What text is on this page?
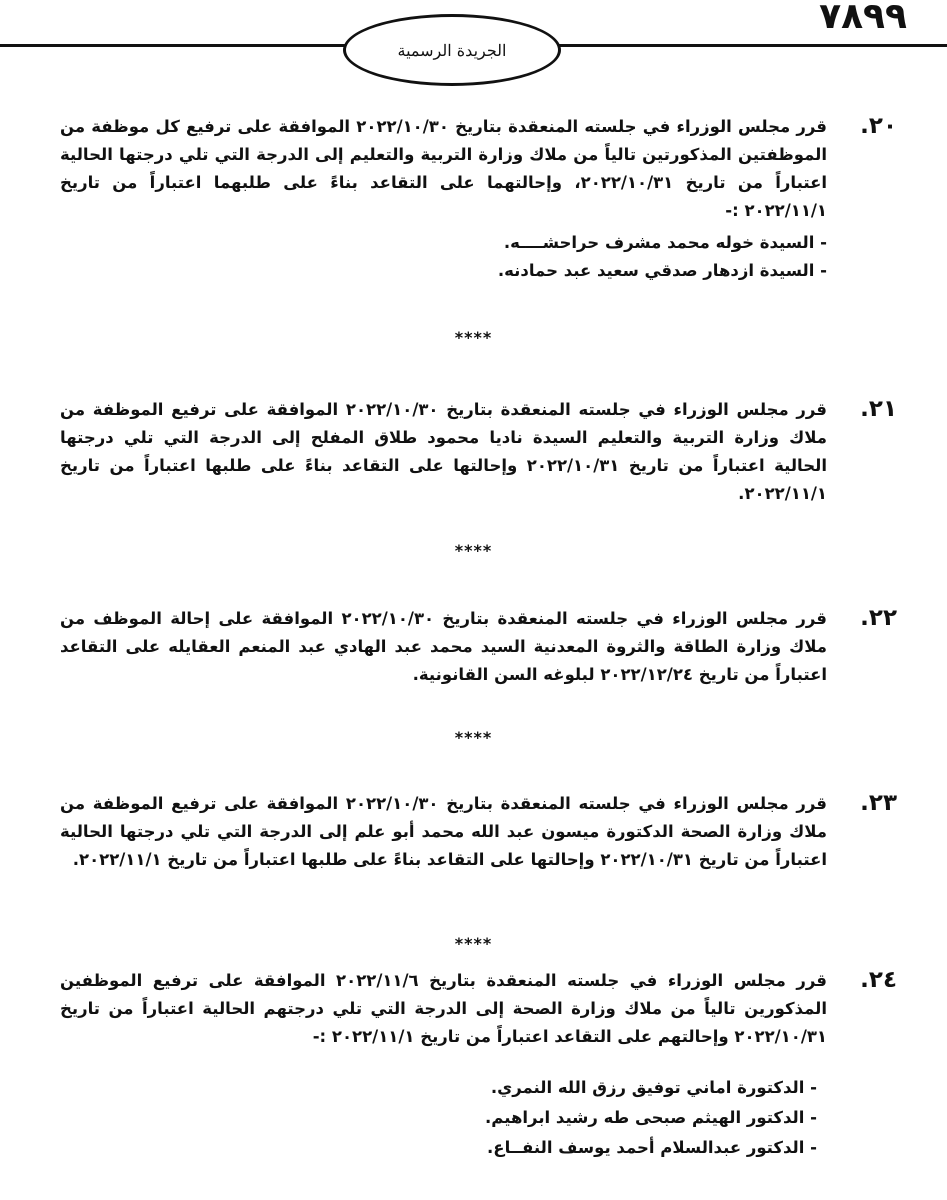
الجريدة الرسمية
٧٨٩٩
٢٠.

قرر مجلس الوزراء في جلسته المنعقدة بتاريخ ٢٠٢٢/١٠/٣٠ الموافقة على ترفيع كل موظفة من الموظفتين المذكورتين تالياً من ملاك وزارة التربية والتعليم إلى الدرجة التي تلي درجتها الحالية اعتباراً من تاريخ ٢٠٢٢/١٠/٣١، وإحالتهما على التقاعد بناءً على طلبهما اعتباراً من تاريخ ٢٠٢٢/١١/١ :-

- السيدة خوله محمد مشرف حراحشــــه.
- السيدة ازدهار صدقي سعيد عبد حمادنه.
****
٢١.

قرر مجلس الوزراء في جلسته المنعقدة بتاريخ ٢٠٢٢/١٠/٣٠ الموافقة على ترفيع الموظفة من ملاك وزارة التربية والتعليم السيدة ناديا محمود طلاق المفلح إلى الدرجة التي تلي درجتها الحالية اعتباراً من تاريخ ٢٠٢٢/١٠/٣١ وإحالتها على التقاعد بناءً على طلبها اعتباراً من تاريخ ٢٠٢٢/١١/١.

****
٢٢.

قرر مجلس الوزراء في جلسته المنعقدة بتاريخ ٢٠٢٢/١٠/٣٠ الموافقة على إحالة الموظف من ملاك وزارة الطاقة والثروة المعدنية السيد محمد عبد الهادي عبد المنعم العقايله على التقاعد اعتباراً من تاريخ ٢٠٢٢/١٢/٢٤ لبلوغه السن القانونية.

****
٢٣.

قرر مجلس الوزراء في جلسته المنعقدة بتاريخ ٢٠٢٢/١٠/٣٠ الموافقة على ترفيع الموظفة من ملاك وزارة الصحة الدكتورة ميسون عبد الله محمد أبو علم إلى الدرجة التي تلي درجتها الحالية اعتباراً من تاريخ ٢٠٢٢/١٠/٣١ وإحالتها على التقاعد بناءً على طلبها اعتباراً من تاريخ ٢٠٢٢/١١/١.

****
٢٤.

قرر مجلس الوزراء في جلسته المنعقدة بتاريخ ٢٠٢٢/١١/٦ الموافقة على ترفيع الموظفين المذكورين تالياً من ملاك وزارة الصحة إلى الدرجة التي تلي درجتهم الحالية اعتباراً من تاريخ ٢٠٢٢/١٠/٣١ وإحالتهم على التقاعد اعتباراً من تاريخ ٢٠٢٢/١١/١ :-

- الدكتورة اماني توفيق رزق الله النمري.
- الدكتور الهيثم صبحى طه رشيد ابراهيم.
- الدكتور عبدالسلام أحمد يوسف النفــاع.
